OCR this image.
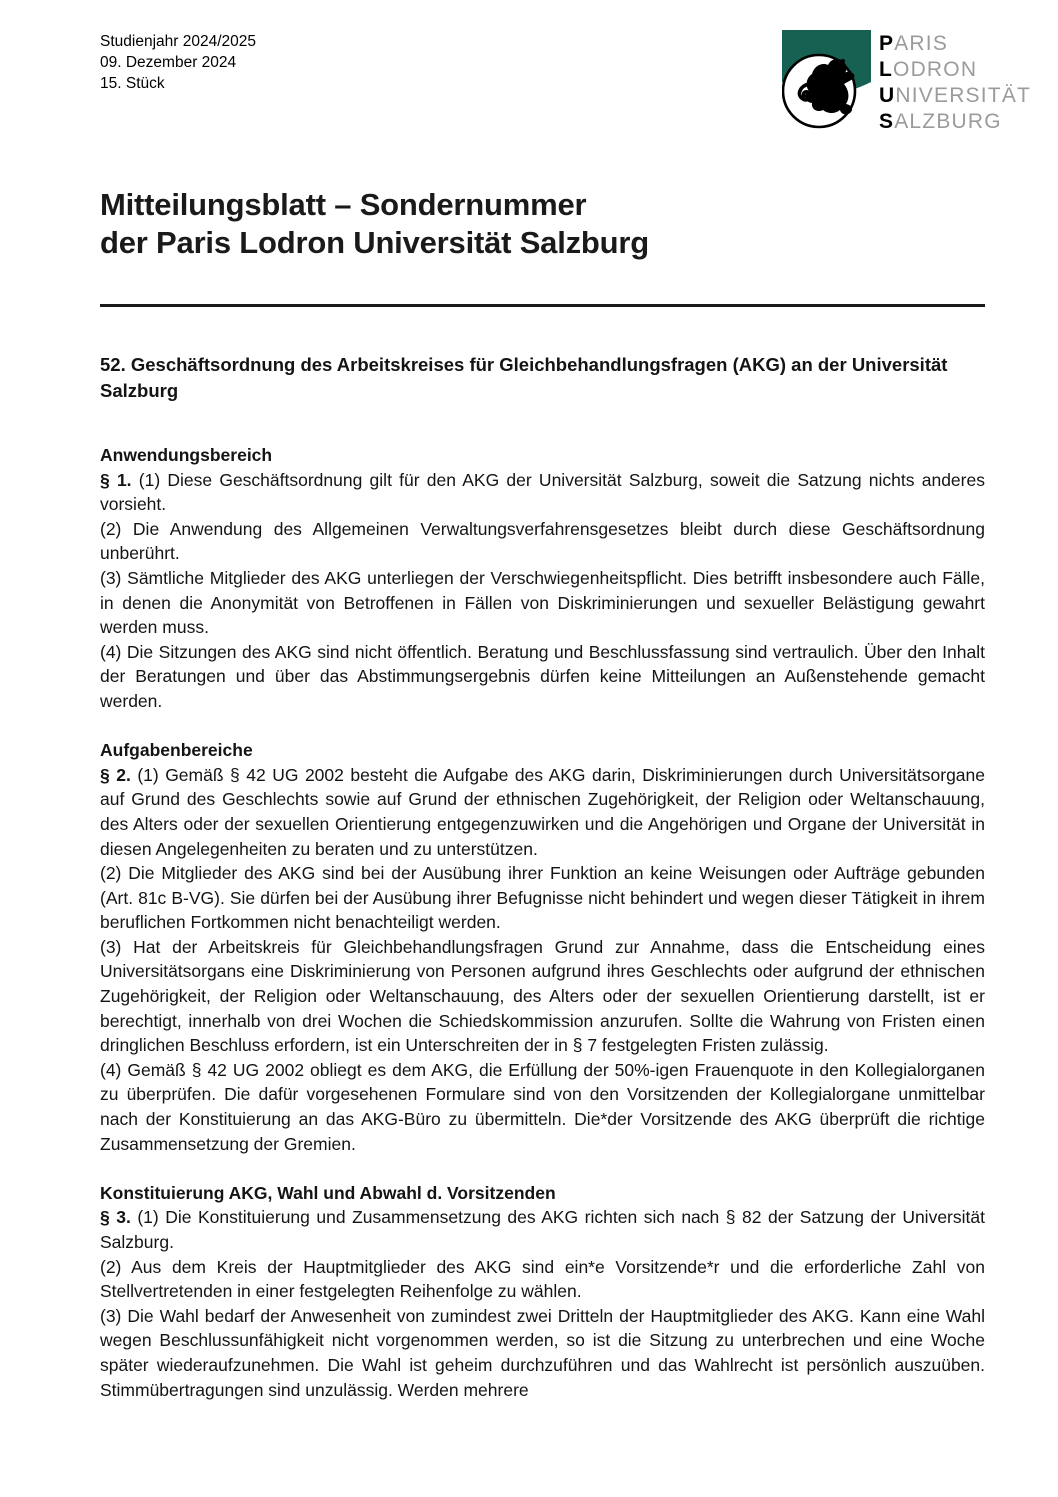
Studienjahr 2024/2025
09. Dezember 2024
15. Stück
PARIS
LODRON
UNIVERSITÄT
SALZBURG
Mitteilungsblatt – Sondernummer
der Paris Lodron Universität Salzburg

52. Geschäftsordnung des Arbeitskreises für Gleichbehandlungsfragen (AKG) an der Universität Salzburg

Anwendungsbereich

§ 1. (1) Diese Geschäftsordnung gilt für den AKG der Universität Salzburg, soweit die Satzung nichts anderes vorsieht.

(2) Die Anwendung des Allgemeinen Verwaltungsverfahrensgesetzes bleibt durch diese Geschäftsordnung unberührt.

(3) Sämtliche Mitglieder des AKG unterliegen der Verschwiegenheitspflicht. Dies betrifft insbesondere auch Fälle, in denen die Anonymität von Betroffenen in Fällen von Diskriminierungen und sexueller Belästigung gewahrt werden muss.

(4) Die Sitzungen des AKG sind nicht öffentlich. Beratung und Beschlussfassung sind vertraulich. Über den Inhalt der Beratungen und über das Abstimmungsergebnis dürfen keine Mitteilungen an Außenstehende gemacht werden.

Aufgabenbereiche

§ 2. (1) Gemäß § 42 UG 2002 besteht die Aufgabe des AKG darin, Diskriminierungen durch Universitätsorgane auf Grund des Geschlechts sowie auf Grund der ethnischen Zugehörigkeit, der Religion oder Weltanschauung, des Alters oder der sexuellen Orientierung entgegenzuwirken und die Angehörigen und Organe der Universität in diesen Angelegenheiten zu beraten und zu unterstützen.

(2) Die Mitglieder des AKG sind bei der Ausübung ihrer Funktion an keine Weisungen oder Aufträge gebunden (Art. 81c B-VG). Sie dürfen bei der Ausübung ihrer Befugnisse nicht behindert und wegen dieser Tätigkeit in ihrem beruflichen Fortkommen nicht benachteiligt werden.

(3) Hat der Arbeitskreis für Gleichbehandlungsfragen Grund zur Annahme, dass die Entscheidung eines Universitätsorgans eine Diskriminierung von Personen aufgrund ihres Geschlechts oder aufgrund der ethnischen Zugehörigkeit, der Religion oder Weltanschauung, des Alters oder der sexuellen Orientierung darstellt, ist er berechtigt, innerhalb von drei Wochen die Schiedskommission anzurufen. Sollte die Wahrung von Fristen einen dringlichen Beschluss erfordern, ist ein Unterschreiten der in § 7 festgelegten Fristen zulässig.

(4) Gemäß § 42 UG 2002 obliegt es dem AKG, die Erfüllung der 50%-igen Frauenquote in den Kollegialorganen zu überprüfen. Die dafür vorgesehenen Formulare sind von den Vorsitzenden der Kollegialorgane unmittelbar nach der Konstituierung an das AKG-Büro zu übermitteln. Die*der Vorsitzende des AKG überprüft die richtige Zusammensetzung der Gremien.

Konstituierung AKG, Wahl und Abwahl d. Vorsitzenden

§ 3. (1) Die Konstituierung und Zusammensetzung des AKG richten sich nach § 82 der Satzung der Universität Salzburg.

(2) Aus dem Kreis der Hauptmitglieder des AKG sind ein*e Vorsitzende*r und die erforderliche Zahl von Stellvertretenden in einer festgelegten Reihenfolge zu wählen.

(3) Die Wahl bedarf der Anwesenheit von zumindest zwei Dritteln der Hauptmitglieder des AKG. Kann eine Wahl wegen Beschlussunfähigkeit nicht vorgenommen werden, so ist die Sitzung zu unterbrechen und eine Woche später wiederaufzunehmen. Die Wahl ist geheim durchzuführen und das Wahlrecht ist persönlich auszuüben. Stimmübertragungen sind unzulässig. Werden mehrere
